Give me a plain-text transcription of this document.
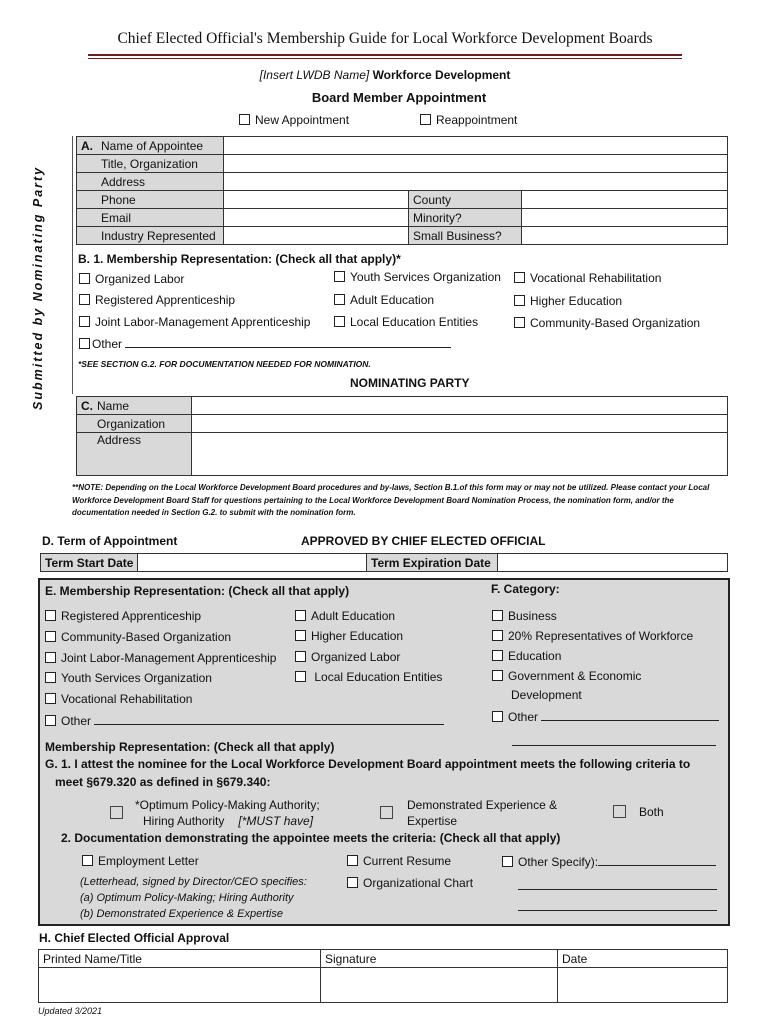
Chief Elected Official's Membership Guide for Local Workforce Development Boards
[Insert LWDB Name] Workforce Development
Board Member Appointment
New Appointment	Reappointment
Submitted by Nominating Party
A. Name of Appointee			
Title, Organization			
Address			
Phone		County	
Email		Minority?	
Industry Represented		Small Business?	
B. 1. Membership Representation: (Check all that apply)*
Organized Labor
Registered Apprenticeship
Joint Labor-Management Apprenticeship
Youth Services Organization
Adult Education
Local Education Entities
Vocational Rehabilitation
Higher Education
Community-Based Organization
Other
*SEE SECTION G.2. FOR DOCUMENTATION NEEDED FOR NOMINATION.
NOMINATING PARTY
C. Name	
Organization	
Address	
**NOTE: Depending on the Local Workforce Development Board procedures and by-laws, Section B.1.of this form may or may not be utilized. Please contact your Local Workforce Development Board Staff for questions pertaining to the Local Workforce Development Board Nomination Process, the nomination form, and/or the documentation needed in Section G.2. to submit with the nomination form.
D. Term of Appointment	APPROVED BY CHIEF ELECTED OFFICIAL
Term Start Date		Term Expiration Date	
E. Membership Representation: (Check all that apply)	F. Category:
Registered Apprenticeship
Community-Based Organization
Joint Labor-Management Apprenticeship
Youth Services Organization
Vocational Rehabilitation
Other
Adult Education
Higher Education
Organized Labor
Local Education Entities
Business
20% Representatives of Workforce
Education
Government & Economic
Development
Other
Membership Representation: (Check all that apply)
G. 1. I attest the nominee for the Local Workforce Development Board appointment meets the following criteria to
meet §679.320 as defined in §679.340:
*Optimum Policy-Making Authority;
Hiring Authority [*MUST have]
Demonstrated Experience &
Expertise
Both
2. Documentation demonstrating the appointee meets the criteria: (Check all that apply)
Employment Letter
(Letterhead, signed by Director/CEO specifies:
(a) Optimum Policy-Making; Hiring Authority
(b) Demonstrated Experience & Expertise
Current Resume
Organizational Chart
Other Specify):
H. Chief Elected Official Approval
Printed Name/Title	Signature	Date

Updated 3/2021
